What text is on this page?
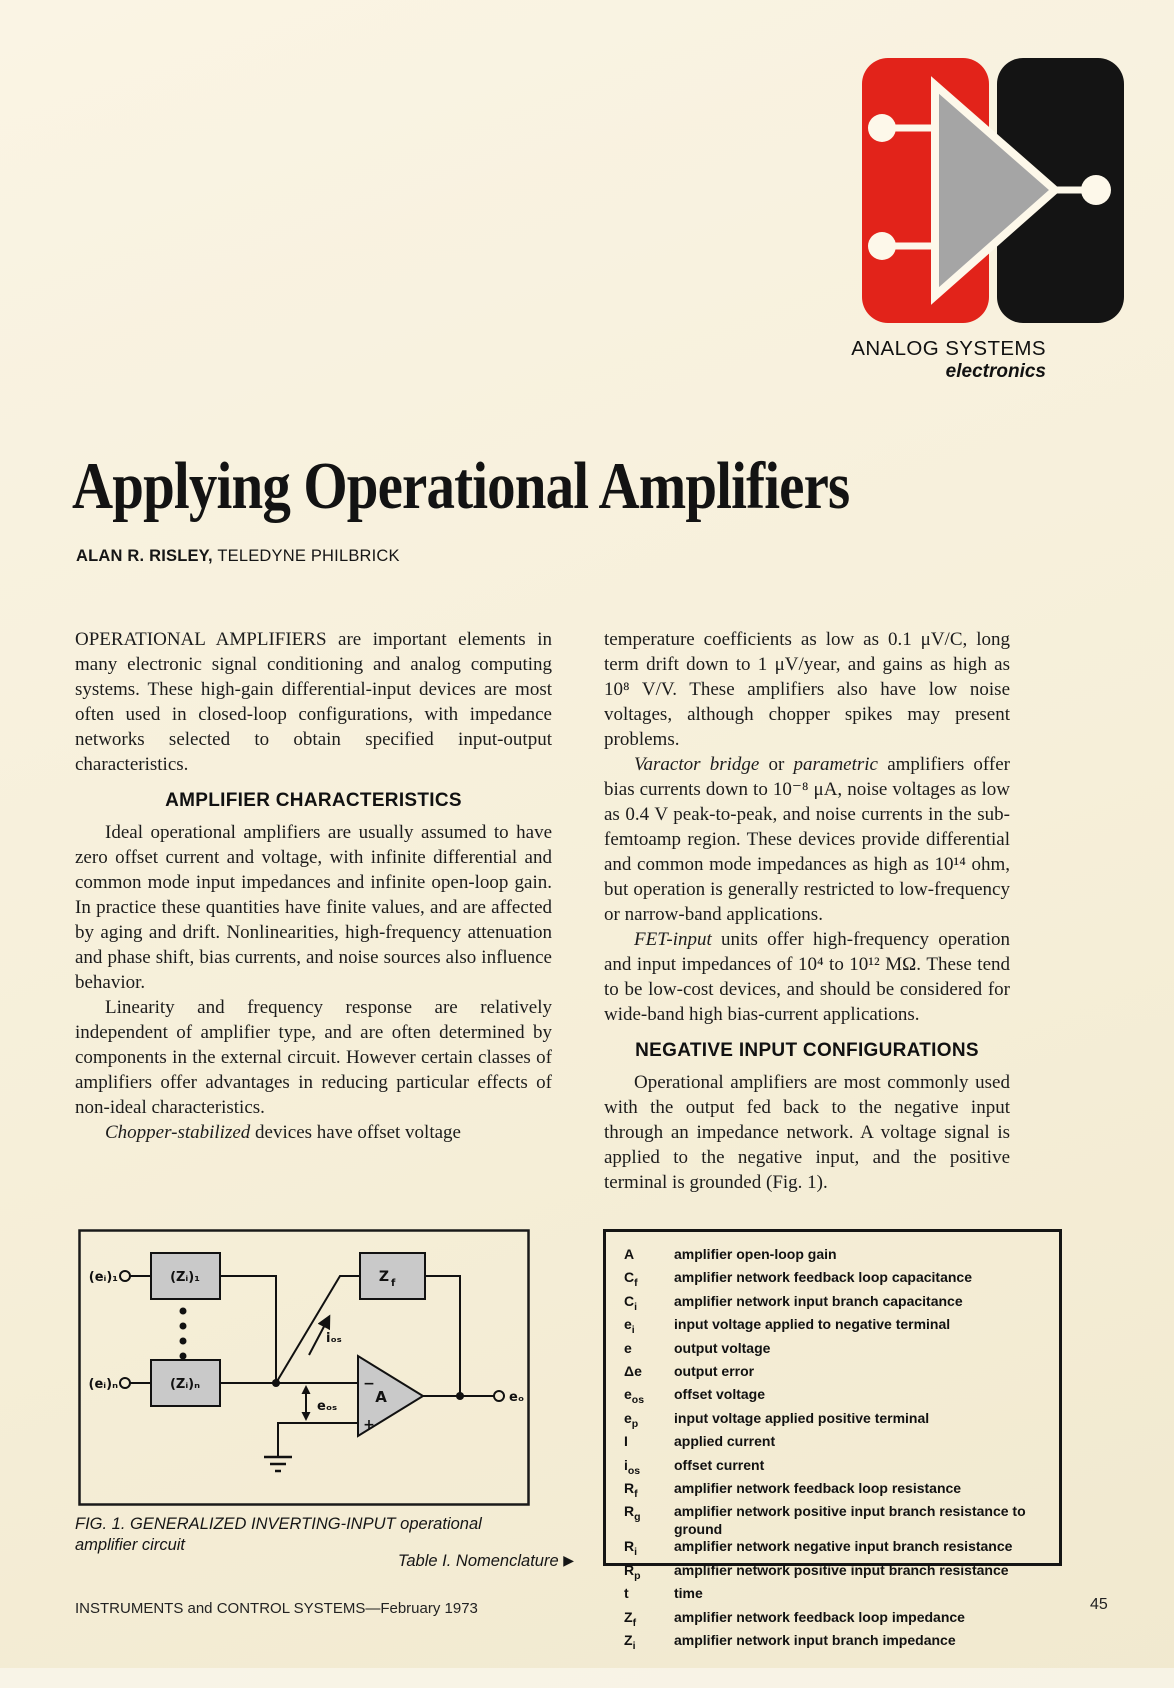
ANALOG SYSTEMS
electronics
Applying Operational Amplifiers
ALAN R. RISLEY, TELEDYNE PHILBRICK

OPERATIONAL AMPLIFIERS are important elements in many electronic signal conditioning and analog computing systems. These high-gain differential-input devices are most often used in closed-loop configurations, with impedance networks selected to obtain specified input-output characteristics.

AMPLIFIER CHARACTERISTICS

Ideal operational amplifiers are usually assumed to have zero offset current and voltage, with infinite differential and common mode input impedances and infinite open-loop gain. In practice these quantities have finite values, and are affected by aging and drift. Nonlinearities, high-frequency attenuation and phase shift, bias currents, and noise sources also influence behavior.

Linearity and frequency response are relatively independent of amplifier type, and are often determined by components in the external circuit. However certain classes of amplifiers offer advantages in reducing particular effects of non-ideal characteristics.

Chopper-stabilized devices have offset voltage

temperature coefficients as low as 0.1 μV/C, long term drift down to 1 μV/year, and gains as high as 10⁸ V/V. These amplifiers also have low noise voltages, although chopper spikes may present problems.

Varactor bridge or parametric amplifiers offer bias currents down to 10⁻⁸ μA, noise voltages as low as 0.4 V peak-to-peak, and noise currents in the sub-femtoamp region. These devices provide differential and common mode impedances as high as 10¹⁴ ohm, but operation is generally restricted to low-frequency or narrow-band applications.

FET-input units offer high-frequency operation and input impedances of 10⁴ to 10¹² MΩ. These tend to be low-cost devices, and should be considered for wide-band high bias-current applications.

NEGATIVE INPUT CONFIGURATIONS

Operational amplifiers are most commonly used with the output fed back to the negative input through an impedance network. A voltage signal is applied to the negative input, and the positive terminal is grounded (Fig. 1).

(eᵢ)₁	(Zᵢ)₁
(eᵢ)ₙ	(Zᵢ)ₙ
Z f
iₒₛ
A
−
+
eₒₛ
eₒ
FIG. 1. GENERALIZED INVERTING-INPUT operational amplifier circuit
Table I. Nomenclature ▶
A	amplifier open-loop gain
$C_f$	amplifier network feedback loop capacitance
$C_i$	amplifier network input branch capacitance
$e_i$	input voltage applied to negative terminal
e	output voltage
Δe	output error
$e_{os}$	offset voltage
$e_p$	input voltage applied positive terminal
I	applied current
$i_{os}$	offset current
$R_f$	amplifier network feedback loop resistance
$R_g$	amplifier network positive input branch resistance to ground
$R_i$	amplifier network negative input branch resistance
$R_p$	amplifier network positive input branch resistance
t	time
$Z_f$	amplifier network feedback loop impedance
$Z_i$	amplifier network input branch impedance
INSTRUMENTS and CONTROL SYSTEMS—February 1973	45
